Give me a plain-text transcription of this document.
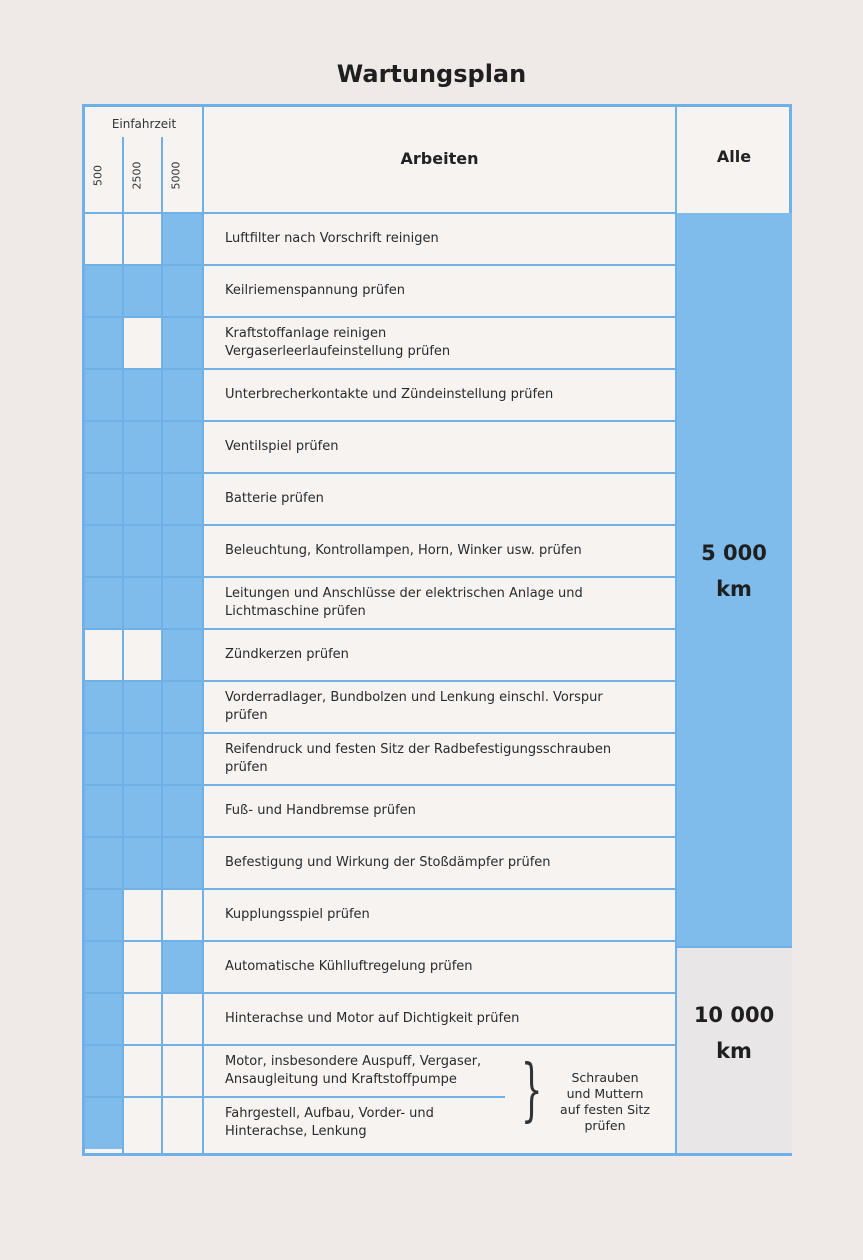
Wartungsplan
Einfahrzeit
500 2500 5000
Arbeiten	Alle
5 000
km
10 000
km
}	Schrauben
und Muttern
auf festen Sitz
prüfen
Luftfilter nach Vorschrift reinigen
Keilriemenspannung prüfen
Kraftstoffanlage reinigen
Vergaserleerlaufeinstellung prüfen
Unterbrecherkontakte und Zündeinstellung prüfen
Ventilspiel prüfen
Batterie prüfen
Beleuchtung, Kontrollampen, Horn, Winker usw. prüfen
Leitungen und Anschlüsse der elektrischen Anlage und
Lichtmaschine prüfen
Zündkerzen prüfen
Vorderradlager, Bundbolzen und Lenkung einschl. Vorspur
prüfen
Reifendruck und festen Sitz der Radbefestigungsschrauben
prüfen
Fuß- und Handbremse prüfen
Befestigung und Wirkung der Stoßdämpfer prüfen
Kupplungsspiel prüfen
Automatische Kühlluftregelung prüfen
Hinterachse und Motor auf Dichtigkeit prüfen
Motor, insbesondere Auspuff, Vergaser,
Ansaugleitung und Kraftstoffpumpe
Fahrgestell, Aufbau, Vorder- und
Hinterachse, Lenkung
